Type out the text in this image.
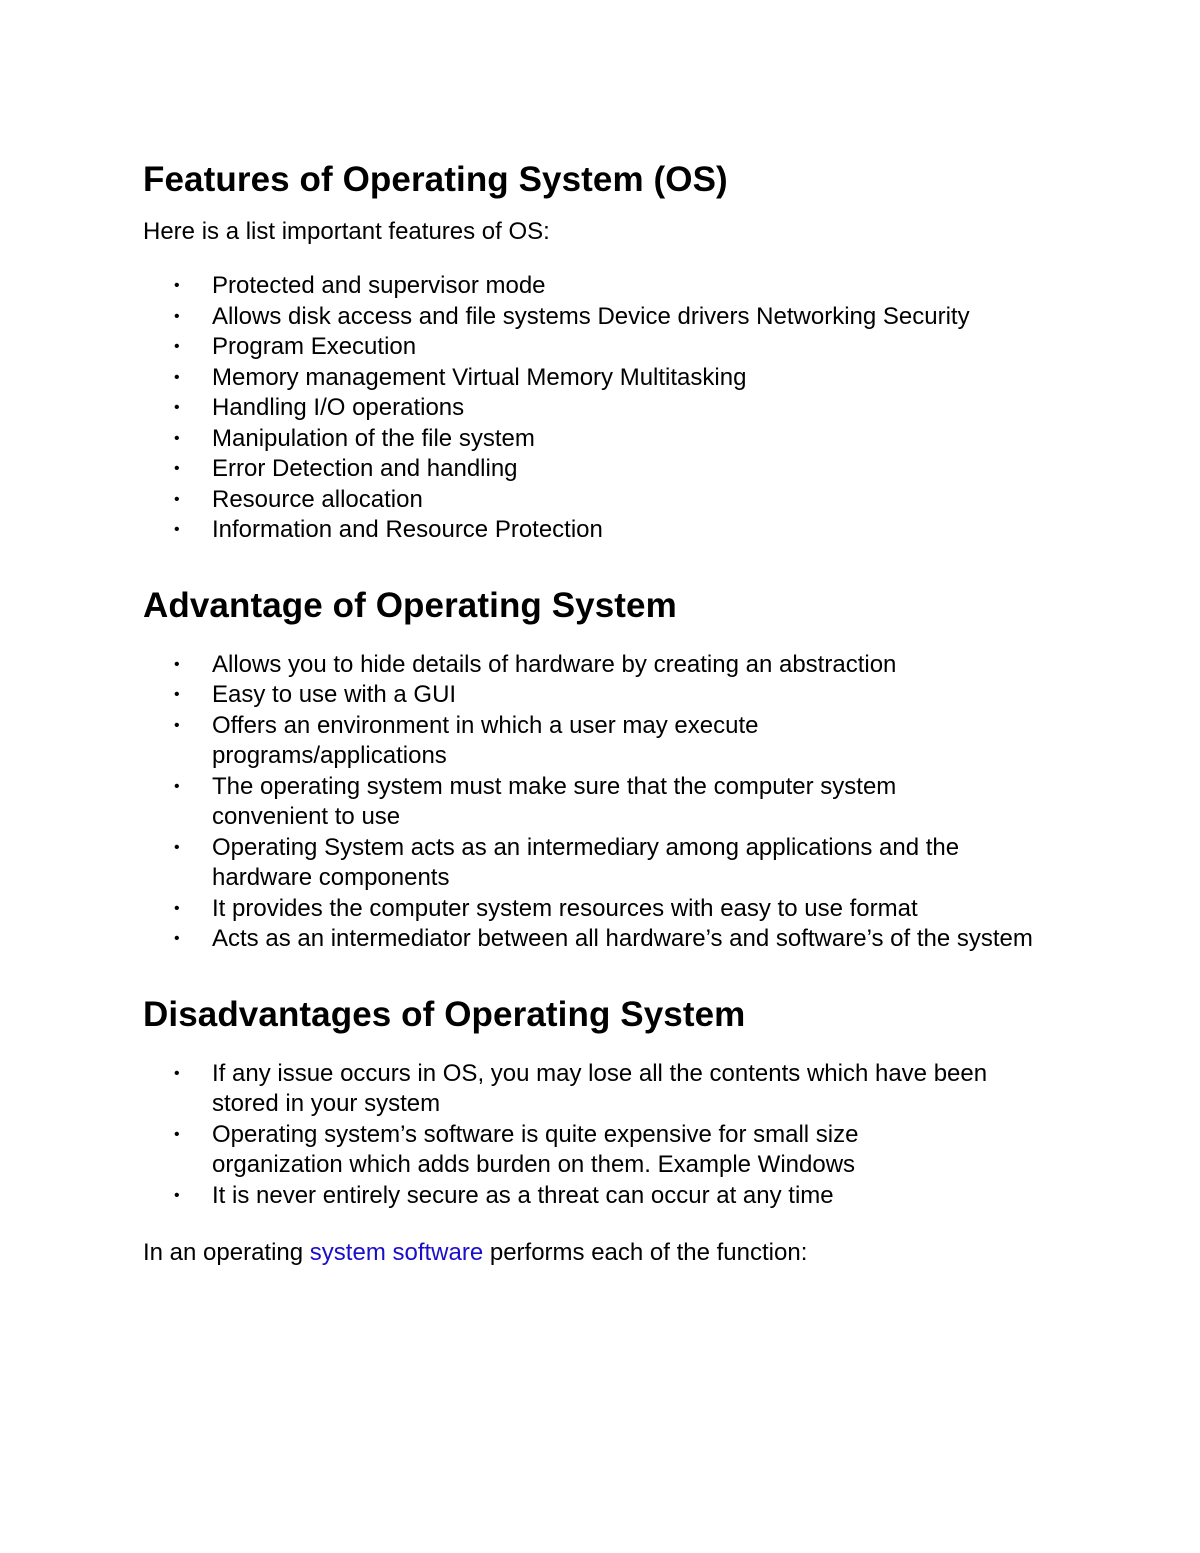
Features of Operating System (OS)

Here is a list important features of OS:

• Protected and supervisor mode
• Allows disk access and file systems Device drivers Networking Security
• Program Execution
• Memory management Virtual Memory Multitasking
• Handling I/O operations
• Manipulation of the file system
• Error Detection and handling
• Resource allocation
• Information and Resource Protection
Advantage of Operating System
• Allows you to hide details of hardware by creating an abstraction
• Easy to use with a GUI
• Offers an environment in which a user may execute programs/applications
• The operating system must make sure that the computer system convenient to use
• Operating System acts as an intermediary among applications and the hardware components
• It provides the computer system resources with easy to use format
• Acts as an intermediator between all hardware’s and software’s of the system
Disadvantages of Operating System
• If any issue occurs in OS, you may lose all the contents which have been stored in your system
• Operating system’s software is quite expensive for small size organization which adds burden on them. Example Windows
• It is never entirely secure as a threat can occur at any time

In an operating system software performs each of the function:
